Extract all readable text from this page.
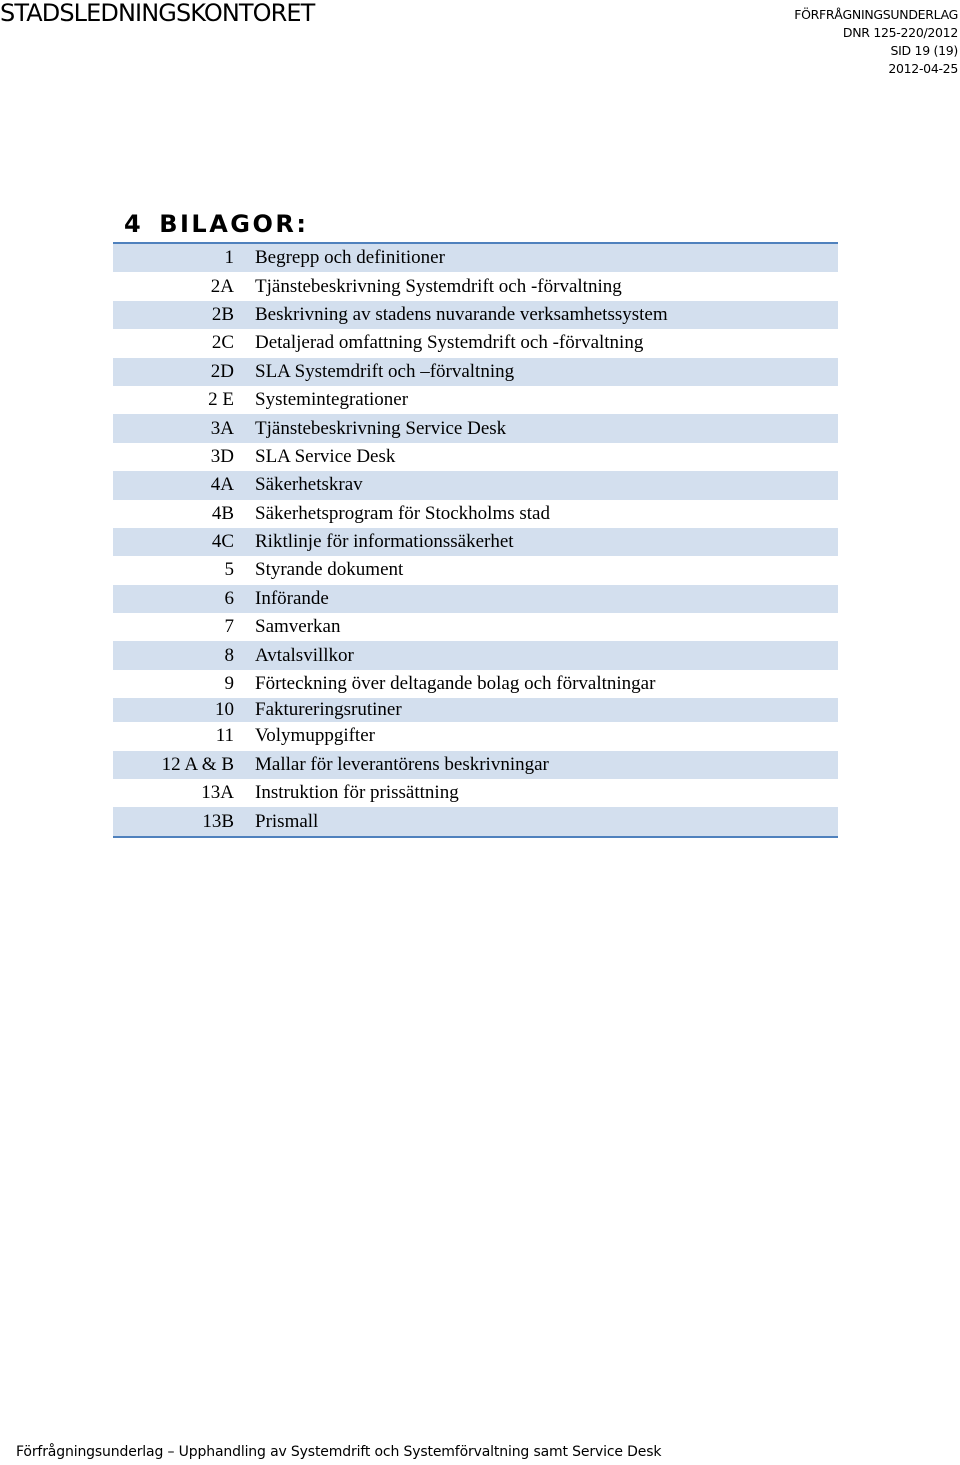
STADSLEDNINGSKONTORET	FÖRFRÅGNINGSUNDERLAG
DNR 125-220/2012
SID 19 (19)
2012-04-25
4 BILAGOR:
1	Begrepp och definitioner
2A	Tjänstebeskrivning Systemdrift och -förvaltning
2B	Beskrivning av stadens nuvarande verksamhetssystem
2C	Detaljerad omfattning Systemdrift och -förvaltning
2D	SLA Systemdrift och –förvaltning
2 E	Systemintegrationer
3A	Tjänstebeskrivning Service Desk
3D	SLA Service Desk
4A	Säkerhetskrav
4B	Säkerhetsprogram för Stockholms stad
4C	Riktlinje för informationssäkerhet
5	Styrande dokument
6	Införande
7	Samverkan
8	Avtalsvillkor
9	Förteckning över deltagande bolag och förvaltningar
10	Faktureringsrutiner
11	Volymuppgifter
12 A & B	Mallar för leverantörens beskrivningar
13A	Instruktion för prissättning
13B	Prismall
Förfrågningsunderlag – Upphandling av Systemdrift och Systemförvaltning samt Service Desk
